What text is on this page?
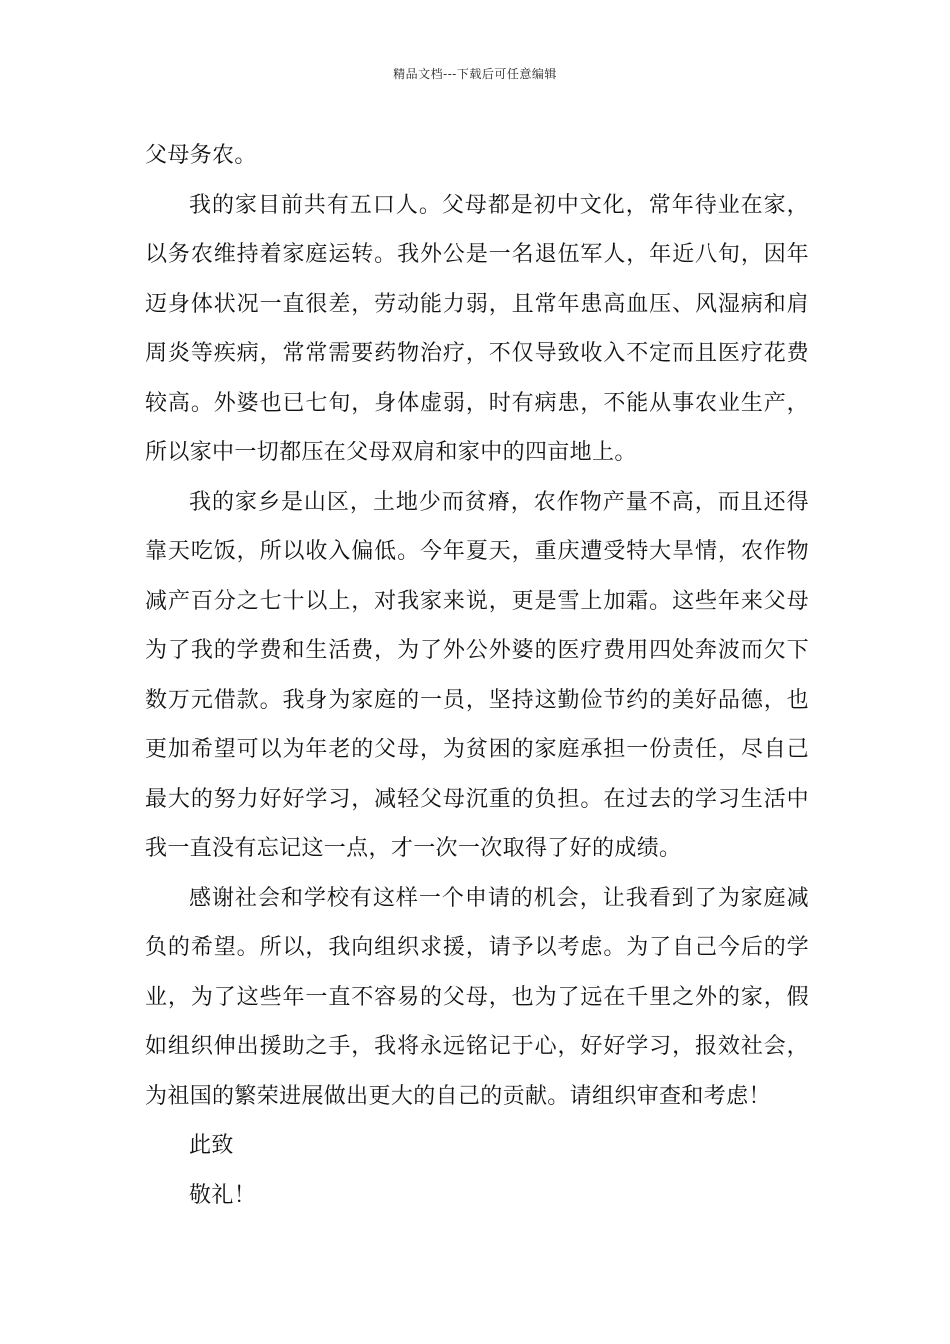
精品文档---下载后可任意编辑

父母务农。

我的家目前共有五口人。父母都是初中文化，常年待业在家，以务农维持着家庭运转。我外公是一名退伍军人，年近八旬，因年迈身体状况一直很差，劳动能力弱，且常年患高血压、风湿病和肩周炎等疾病，常常需要药物治疗，不仅导致收入不定而且医疗花费较高。外婆也已七旬，身体虚弱，时有病患，不能从事农业生产，所以家中一切都压在父母双肩和家中的四亩地上。

我的家乡是山区，土地少而贫瘠，农作物产量不高，而且还得靠天吃饭，所以收入偏低。今年夏天，重庆遭受特大旱情，农作物减产百分之七十以上，对我家来说，更是雪上加霜。这些年来父母为了我的学费和生活费，为了外公外婆的医疗费用四处奔波而欠下数万元借款。我身为家庭的一员，坚持这勤俭节约的美好品德，也更加希望可以为年老的父母，为贫困的家庭承担一份责任，尽自己最大的努力好好学习，减轻父母沉重的负担。在过去的学习生活中我一直没有忘记这一点，才一次一次取得了好的成绩。

感谢社会和学校有这样一个申请的机会，让我看到了为家庭减负的希望。所以，我向组织求援，请予以考虑。为了自己今后的学业，为了这些年一直不容易的父母，也为了远在千里之外的家，假如组织伸出援助之手，我将永远铭记于心，好好学习，报效社会，为祖国的繁荣进展做出更大的自己的贡献。请组织审查和考虑！

此致

敬礼！
